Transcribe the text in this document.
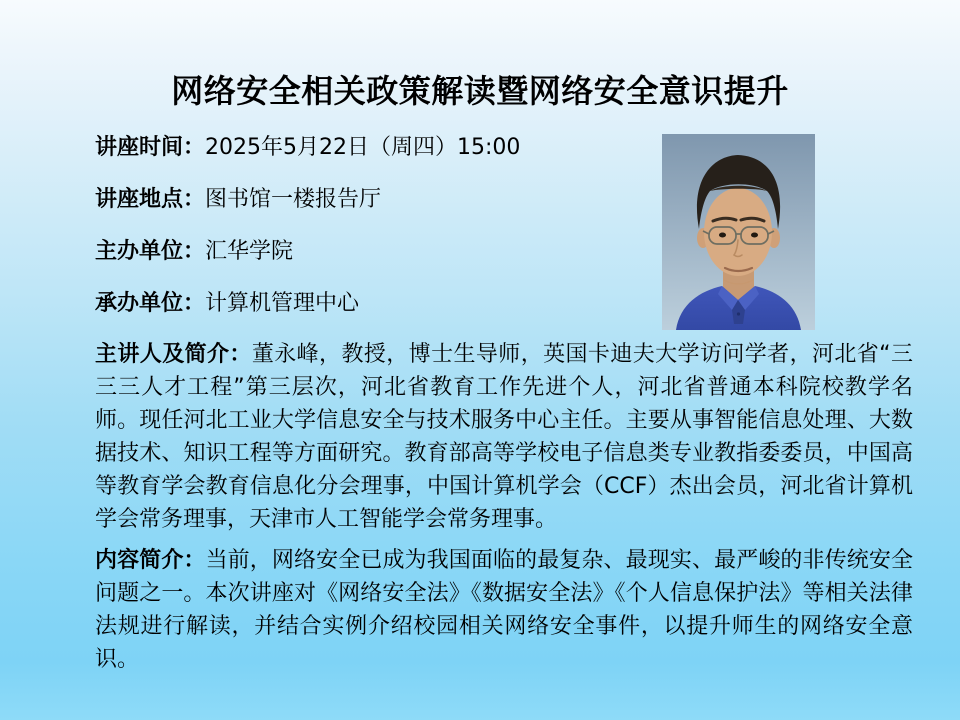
网络安全相关政策解读暨网络安全意识提升
讲座时间：2025年5月22日（周四）15:00
讲座地点：图书馆一楼报告厅
主办单位：汇华学院
承办单位：计算机管理中心

主讲人及简介：董永峰，教授，博士生导师，英国卡迪夫大学访问学者，河北省“三三三人才工程”第三层次，河北省教育工作先进个人，河北省普通本科院校教学名师。现任河北工业大学信息安全与技术服务中心主任。主要从事智能信息处理、大数据技术、知识工程等方面研究。教育部高等学校电子信息类专业教指委委员，中国高等教育学会教育信息化分会理事，中国计算机学会（CCF）杰出会员，河北省计算机学会常务理事，天津市人工智能学会常务理事。

内容简介：当前，网络安全已成为我国面临的最复杂、最现实、最严峻的非传统安全问题之一。本次讲座对《网络安全法》《数据安全法》《个人信息保护法》等相关法律法规进行解读，并结合实例介绍校园相关网络安全事件，以提升师生的网络安全意识。
